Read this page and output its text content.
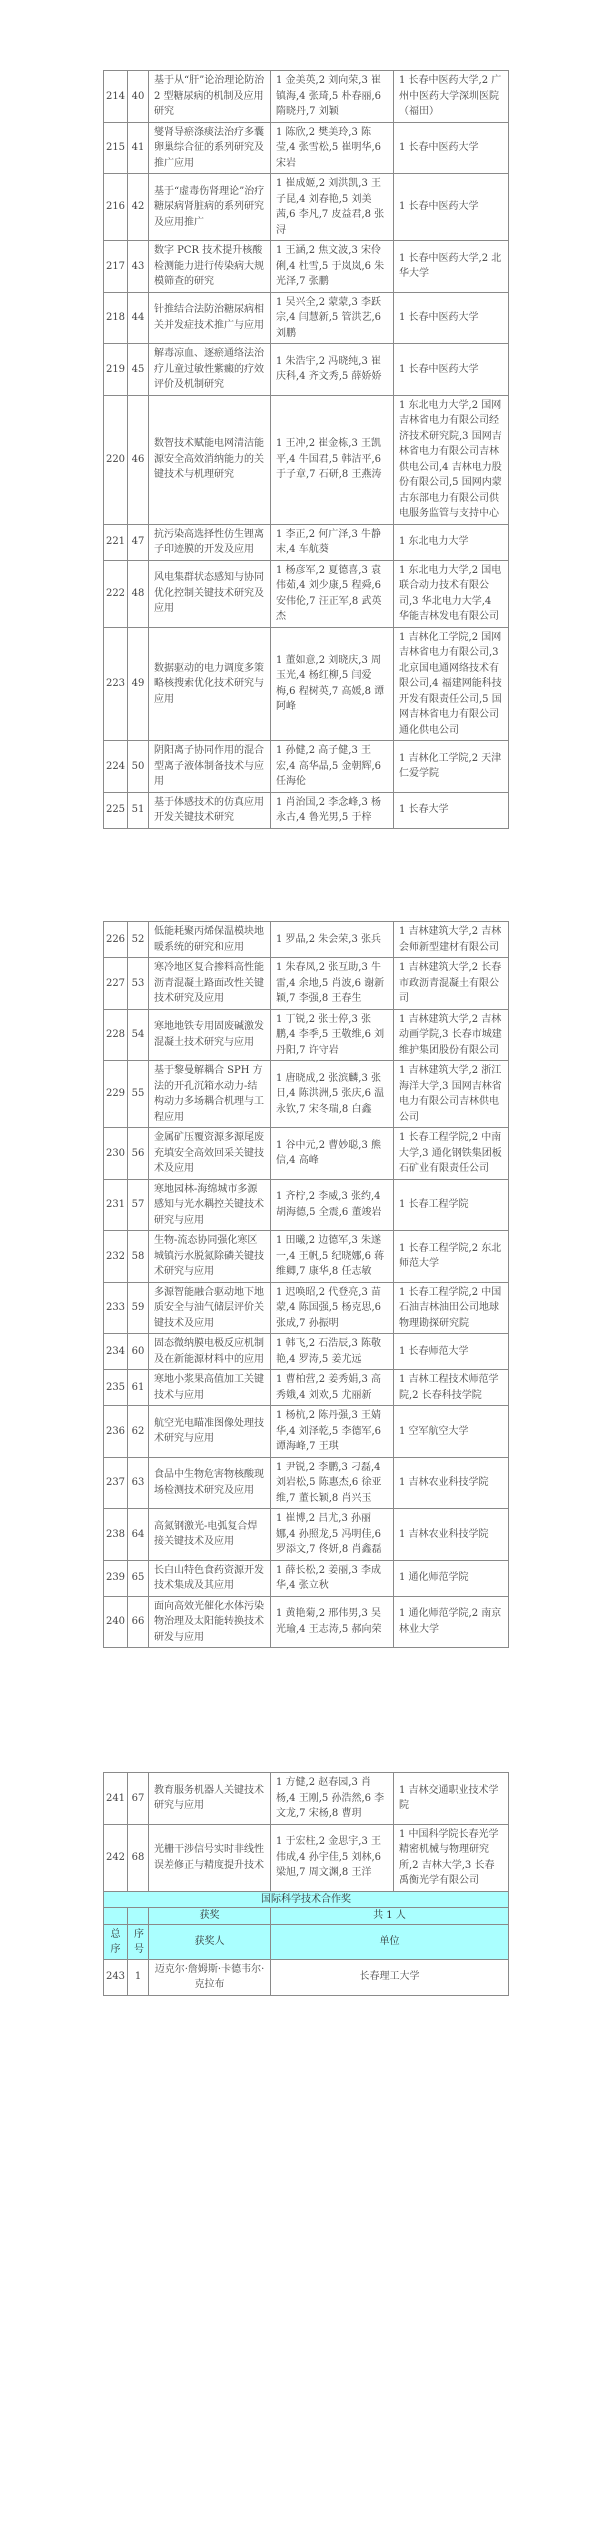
214	40	基于从“肝”论治理论防治 2 型糖尿病的机制及应用研究	1 金美英,2 刘向荣,3 崔镇海,4 张琦,5 朴春丽,6 隋晓丹,7 刘颖	1 长春中医药大学,2 广州中医药大学深圳医院（福田）
215	41	燮肾导瘀涤痰法治疗多囊卵巢综合征的系列研究及推广应用	1 陈欣,2 樊美玲,3 陈莹,4 张雪松,5 崔明华,6 宋岩	1 长春中医药大学
216	42	基于“虚毒伤肾理论”治疗糖尿病肾脏病的系列研究及应用推广	1 崔成姬,2 刘洪凯,3 王子昆,4 刘春艳,5 刘美茜,6 李凡,7 皮益君,8 张浔	1 长春中医药大学
217	43	数字 PCR 技术提升核酸检测能力进行传染病大规模筛查的研究	1 王涵,2 焦文波,3 宋伶俐,4 杜雪,5 于岚岚,6 朱光泽,7 张鹏	1 长春中医药大学,2 北华大学
218	44	针推结合法防治糖尿病相关并发症技术推广与应用	1 吴兴全,2 蒙蒙,3 李跃宗,4 闫慧新,5 管洪艺,6 刘鹏	1 长春中医药大学
219	45	解毒凉血、逐瘀通络法治疗儿童过敏性紫癜的疗效评价及机制研究	1 朱浩宇,2 冯晓纯,3 崔庆科,4 齐文秀,5 薛娇娇	1 长春中医药大学
220	46	数智技术赋能电网清洁能源安全高效消纳能力的关键技术与机理研究	1 王冲,2 崔金栋,3 王凯平,4 牛国君,5 韩洁平,6 于子章,7 石研,8 王燕涛	1 东北电力大学,2 国网吉林省电力有限公司经济技术研究院,3 国网吉林省电力有限公司吉林供电公司,4 吉林电力股份有限公司,5 国网内蒙古东部电力有限公司供电服务监管与支持中心
221	47	抗污染高选择性仿生锂离子印迹膜的开发及应用	1 李正,2 何广泽,3 牛静末,4 车航葵	1 东北电力大学
222	48	风电集群状态感知与协同优化控制关键技术研究及应用	1 杨彦军,2 夏德喜,3 袁伟茹,4 刘少康,5 程舜,6 安伟伦,7 汪正军,8 武英杰	1 东北电力大学,2 国电联合动力技术有限公司,3 华北电力大学,4 华能吉林发电有限公司
223	49	数据驱动的电力调度多策略核搜索优化技术研究与应用	1 董如意,2 刘晓庆,3 周玉光,4 杨红柳,5 闫爱梅,6 程树英,7 高媛,8 谭阿峰	1 吉林化工学院,2 国网吉林省电力有限公司,3 北京国电通网络技术有限公司,4 福建网能科技开发有限责任公司,5 国网吉林省电力有限公司通化供电公司
224	50	阴阳离子协同作用的混合型离子液体制备技术与应用	1 孙健,2 高子健,3 王宏,4 高华晶,5 金朝辉,6 任海伦	1 吉林化工学院,2 天津仁爱学院
225	51	基于体感技术的仿真应用开发关键技术研究	1 肖治国,2 李念峰,3 杨永古,4 鲁光男,5 于梓	1 长春大学
226	52	低能耗聚丙烯保温模块地暖系统的研究和应用	1 罗晶,2 朱会荣,3 张兵	1 吉林建筑大学,2 吉林会师新型建材有限公司
227	53	寒冷地区复合掺料高性能沥青混凝土路面改性关键技术研究及应用	1 朱春凤,2 张互助,3 牛雷,4 余地,5 肖波,6 谢新颖,7 李强,8 王春生	1 吉林建筑大学,2 长春市政沥青混凝土有限公司
228	54	寒地地铁专用固废碱激发混凝土技术研究与应用	1 丁锐,2 张士停,3 张鹏,4 李季,5 王敬维,6 刘丹阳,7 许守岩	1 吉林建筑大学,2 吉林动画学院,3 长春市城建维护集团股份有限公司
229	55	基于黎曼解耦合 SPH 方法的开孔沉箱水动力-结构动力多场耦合机理与工程应用	1 唐晓成,2 张滨麟,3 张日,4 陈洪洲,5 张庆,6 温永钦,7 宋冬瑞,8 白鑫	1 吉林建筑大学,2 浙江海洋大学,3 国网吉林省电力有限公司吉林供电公司
230	56	金属矿压覆资源多源尾废充填安全高效回采关键技术及应用	1 谷中元,2 曹妙聪,3 熊信,4 高峰	1 长春工程学院,2 中南大学,3 通化钢铁集团板石矿业有限责任公司
231	57	寒地园林-海绵城市多源感知与光水耦控关键技术研究与应用	1 齐柠,2 李威,3 张约,4 胡海德,5 全震,6 董竣岩	1 长春工程学院
232	58	生物-流态协同强化寒区城镇污水脱氮除磷关键技术研究与应用	1 田曦,2 边德军,3 朱遂一,4 王帆,5 纪晓娜,6 蒋维卿,7 康华,8 任志敏	1 长春工程学院,2 东北师范大学
233	59	多源智能融合驱动地下地质安全与油气储层评价关键技术及应用	1 迟唤昭,2 代登亮,3 苗蒙,4 陈国强,5 杨克思,6 张成,7 孙振明	1 长春工程学院,2 中国石油吉林油田公司地球物理勘探研究院
234	60	固态微纳膜电极反应机制及在新能源材料中的应用	1 韩飞,2 石浩辰,3 陈敬艳,4 罗涛,5 姜尤远	1 长春师范大学
235	61	寒地小浆果高值加工关键技术与应用	1 曹柏营,2 姜秀娟,3 高秀娥,4 刘欢,5 尤丽新	1 吉林工程技术师范学院,2 长春科技学院
236	62	航空光电瞄准图像处理技术研究与应用	1 杨杭,2 陈丹强,3 王婧华,4 刘泽乾,5 李德军,6 谭海峰,7 王琪	1 空军航空大学
237	63	食品中生物危害物核酸现场检测技术研究及应用	1 尹锐,2 李鹏,3 刁磊,4 刘岩松,5 陈惠杰,6 徐亚维,7 董长颖,8 肖兴玉	1 吉林农业科技学院
238	64	高氮钢激光-电弧复合焊接关键技术及应用	1 崔博,2 吕尤,3 孙丽娜,4 孙照龙,5 冯明佳,6 罗添文,7 佟妍,8 肖鑫磊	1 吉林农业科技学院
239	65	长白山特色食药资源开发技术集成及其应用	1 薛长松,2 姜丽,3 李成华,4 张立秋	1 通化师范学院
240	66	面向高效光催化水体污染物治理及太阳能转换技术研发与应用	1 黄艳菊,2 邢伟男,3 吴光瑜,4 王志涛,5 郝向荣	1 通化师范学院,2 南京林业大学
241	67	教育服务机器人关键技术研究与应用	1 方健,2 赵春园,3 肖杨,4 王刚,5 孙浩然,6 李文龙,7 宋杨,8 曹玥	1 吉林交通职业技术学院
242	68	光栅干涉信号实时非线性误差修正与精度提升技术	1 于宏柱,2 金思宇,3 王伟成,4 孙宇佳,5 刘林,6 梁旭,7 周文渊,8 王洋	1 中国科学院长春光学精密机械与物理研究所,2 吉林大学,3 长春禹衡光学有限公司
国际科学技术合作奖				
		获奖	共 1 人	
总序	序号	获奖人	单位	
243	1	迈克尔·詹姆斯·卡德韦尔·克拉布	长春理工大学	
